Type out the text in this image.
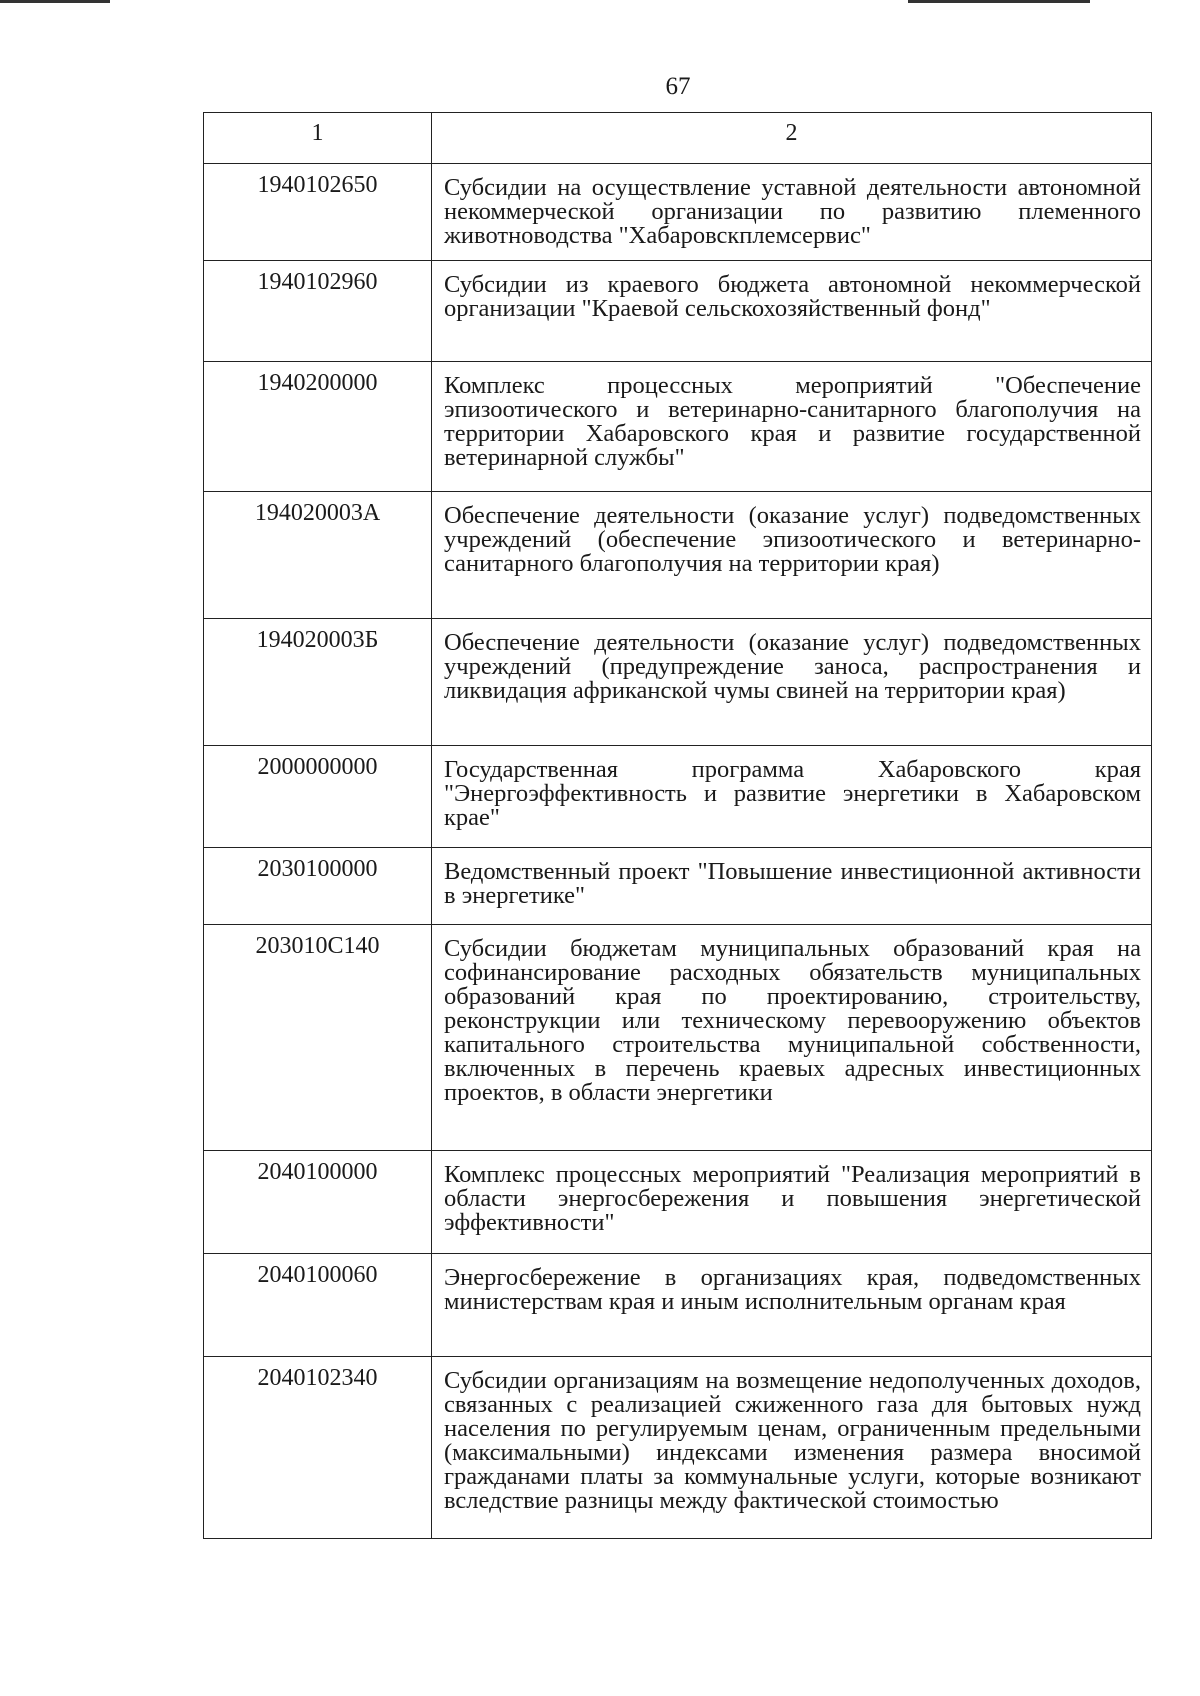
67
1	2
1940102650	Субсидии на осуществление уставной деятельности автономной некоммерческой организации по развитию племенного животноводства "Хабаровскплемсервис"
1940102960	Субсидии из краевого бюджета автономной некоммерческой организации "Краевой сельскохозяйственный фонд"
1940200000	Комплекс процессных мероприятий "Обеспечение эпизоотического и ветеринарно-санитарного благополучия на территории Хабаровского края и развитие государственной ветеринарной службы"
194020003А	Обеспечение деятельности (оказание услуг) подведомственных учреждений (обеспечение эпизоотического и ветеринарно-санитарного благополучия на территории края)
194020003Б	Обеспечение деятельности (оказание услуг) подведомственных учреждений (предупреждение заноса, распространения и ликвидация африканской чумы свиней на территории края)
2000000000	Государственная программа Хабаровского края "Энергоэффективность и развитие энергетики в Хабаровском крае"
2030100000	Ведомственный проект "Повышение инвестиционной активности в энергетике"
203010С140	Субсидии бюджетам муниципальных образований края на софинансирование расходных обязательств муниципальных образований края по проектированию, строительству, реконструкции или техническому перевооружению объектов капитального строительства муниципальной собственности, включенных в перечень краевых адресных инвестиционных проектов, в области энергетики
2040100000	Комплекс процессных мероприятий "Реализация мероприятий в области энергосбережения и повышения энергетической эффективности"
2040100060	Энергосбережение в организациях края, подведомственных министерствам края и иным исполнительным органам края
2040102340	Субсидии организациям на возмещение недополученных доходов, связанных с реализацией сжиженного газа для бытовых нужд населения по регулируемым ценам, ограниченным предельными (максимальными) индексами изменения размера вносимой гражданами платы за коммунальные услуги, которые возникают вследствие разницы между фактической стоимостью
